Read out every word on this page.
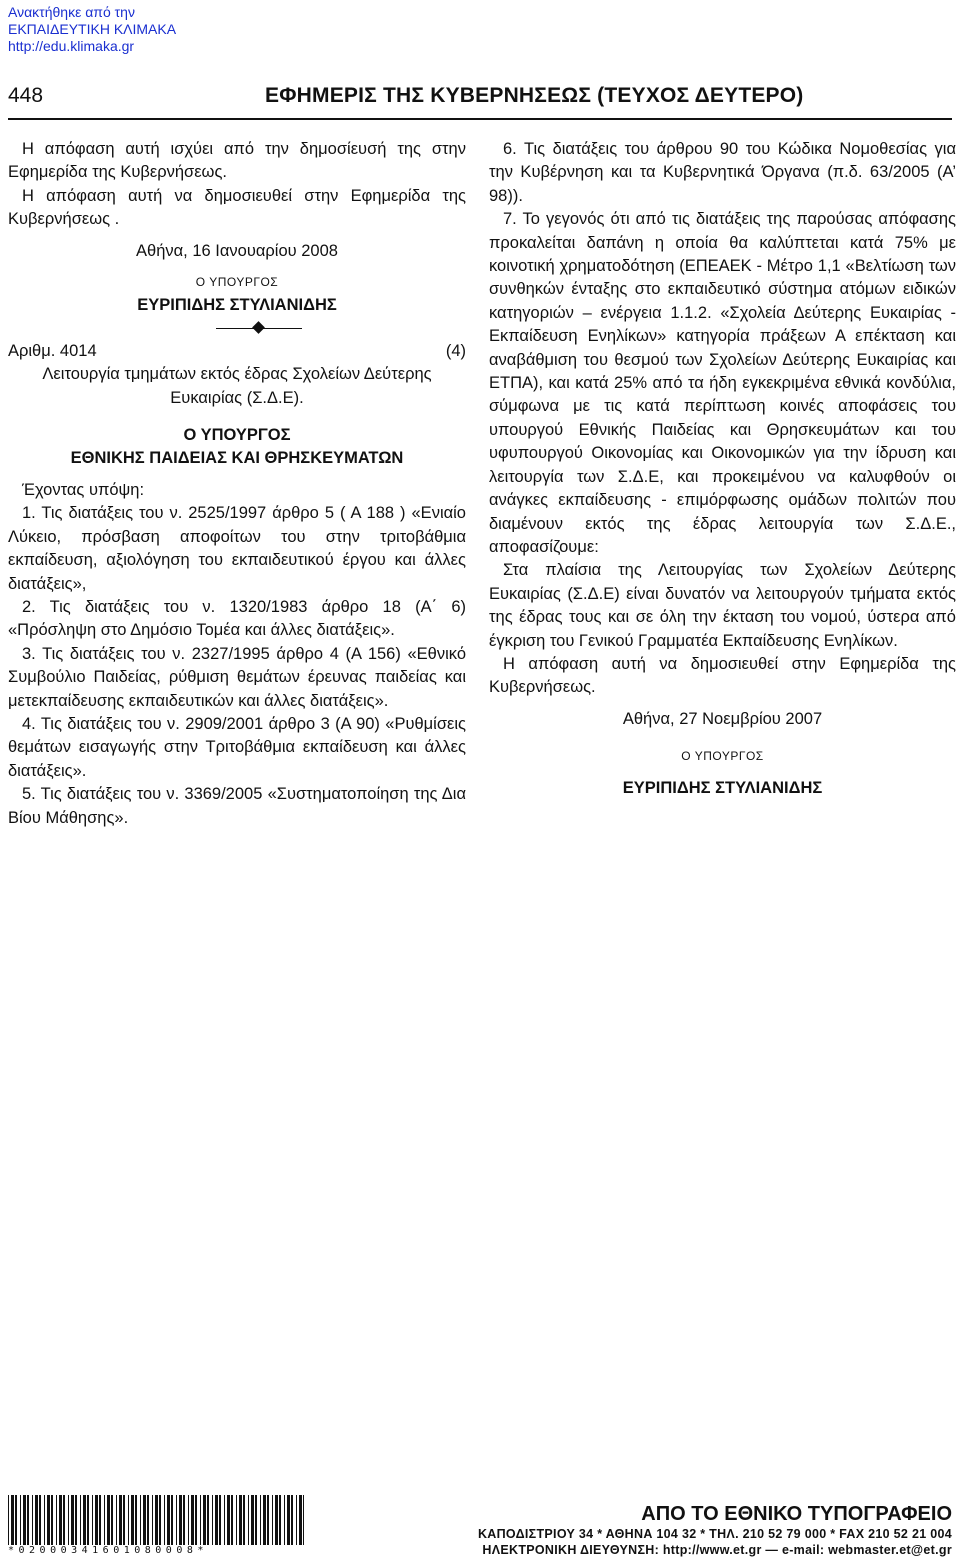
Ανακτήθηκε από την
ΕΚΠΑΙΔΕΥΤΙΚΗ ΚΛΙΜΑΚΑ
http://edu.klimaka.gr
448	ΕΦΗΜΕΡΙΣ ΤΗΣ ΚΥΒΕΡΝΗΣΕΩΣ (ΤΕΥΧΟΣ ΔΕΥΤΕΡΟ)

Η απόφαση αυτή ισχύει από την δημοσίευσή της στην Εφημερίδα της Κυβερνήσεως.

Η απόφαση αυτή να δημοσιευθεί στην Εφημερίδα της Κυβερνήσεως .

Αθήνα, 16 Ιανουαρίου 2008

Ο ΥΠΟΥΡΓΟΣ

ΕΥΡΙΠΙΔΗΣ ΣΤΥΛΙΑΝΙΔΗΣ

Αριθμ. 4014	(4)

Λειτουργία τμημάτων εκτός έδρας Σχολείων Δεύτερης Ευκαιρίας (Σ.Δ.Ε).

Ο ΥΠΟΥΡΓΟΣ

ΕΘΝΙΚΗΣ ΠΑΙΔΕΙΑΣ ΚΑΙ ΘΡΗΣΚΕΥΜΑΤΩΝ

Έχοντας υπόψη:

1. Τις διατάξεις του ν. 2525/1997 άρθρο 5 ( Α 188 ) «Ενιαίο Λύκειο, πρόσβαση αποφοίτων του στην τριτοβάθμια εκπαίδευση, αξιολόγηση του εκπαιδευτικού έργου και άλλες διατάξεις»,

2. Τις διατάξεις του ν. 1320/1983 άρθρο 18 (Α΄ 6) «Πρόσληψη στο Δημόσιο Τομέα και άλλες διατάξεις».

3. Τις διατάξεις του ν. 2327/1995 άρθρο 4 (Α 156) «Εθνικό Συμβούλιο Παιδείας, ρύθμιση θεμάτων έρευνας παιδείας και μετεκπαίδευσης εκπαιδευτικών και άλλες διατάξεις».

4. Τις διατάξεις του ν. 2909/2001 άρθρο 3 (Α 90) «Ρυθμίσεις θεμάτων εισαγωγής στην Τριτοβάθμια εκπαίδευση και άλλες διατάξεις».

5. Τις διατάξεις του ν. 3369/2005 «Συστηματοποίηση της Δια Βίου Μάθησης».

6. Τις διατάξεις του άρθρου 90 του Κώδικα Νομοθεσίας για την Κυβέρνηση και τα Κυβερνητικά Όργανα (π.δ. 63/2005 (Α’ 98)).

7. Το γεγονός ότι από τις διατάξεις της παρούσας απόφασης προκαλείται δαπάνη η οποία θα καλύπτεται κατά 75% με κοινοτική χρηματοδότηση (ΕΠΕΑΕΚ - Μέτρο 1,1 «Βελτίωση των συνθηκών ένταξης στο εκπαιδευτικό σύστημα ατόμων ειδικών κατηγοριών – ενέργεια 1.1.2. «Σχολεία Δεύτερης Ευκαιρίας - Εκπαίδευση Ενηλίκων» κατηγορία πράξεων Α επέκταση και αναβάθμιση του θεσμού των Σχολείων Δεύτερης Ευκαιρίας και ΕΤΠΑ), και κατά 25% από τα ήδη εγκεκριμένα εθνικά κονδύλια, σύμφωνα με τις κατά περίπτωση κοινές αποφάσεις του υπουργού Εθνικής Παιδείας και Θρησκευμάτων και του υφυπουργού Οικονομίας και Οικονομικών για την ίδρυση και λειτουργία των Σ.Δ.Ε, και προκειμένου να καλυφθούν οι ανάγκες εκπαίδευσης - επιμόρφωσης ομάδων πολιτών που διαμένουν εκτός της έδρας λειτουργία των Σ.Δ.Ε., αποφασίζουμε:

Στα πλαίσια της Λειτουργίας των Σχολείων Δεύτερης Ευκαιρίας (Σ.Δ.Ε) είναι δυνατόν να λειτουργούν τμήματα εκτός της έδρας τους και σε όλη την έκταση του νομού, ύστερα από έγκριση του Γενικού Γραμματέα Εκπαίδευσης Ενηλίκων.

Η απόφαση αυτή να δημοσιευθεί στην Εφημερίδα της Κυβερνήσεως.

Αθήνα, 27 Νοεμβρίου 2007

Ο ΥΠΟΥΡΓΟΣ

ΕΥΡΙΠΙΔΗΣ ΣΤΥΛΙΑΝΙΔΗΣ

*02000341601080008*
ΑΠΟ ΤΟ ΕΘΝΙΚΟ ΤΥΠΟΓΡΑΦΕΙΟ
ΚΑΠΟΔΙΣΤΡΙΟΥ 34 * ΑΘΗΝΑ 104 32 * ΤΗΛ. 210 52 79 000 * FAX 210 52 21 004
ΗΛΕΚΤΡΟΝΙΚΗ ΔΙΕΥΘΥΝΣΗ: http://www.et.gr — e-mail: webmaster.et@et.gr
